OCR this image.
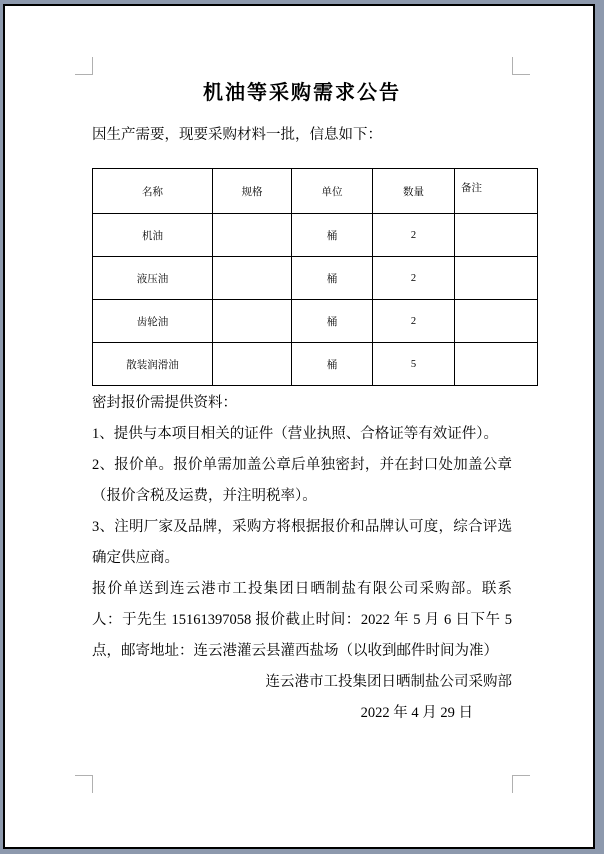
机油等采购需求公告

因生产需要，现要采购材料一批，信息如下：

名称	规格	单位	数量	备注
机油		桶	2	
液压油		桶	2	
齿轮油		桶	2	
散装润滑油		桶	5	

密封报价需提供资料：

1、提供与本项目相关的证件（营业执照、合格证等有效证件）。

2、报价单。报价单需加盖公章后单独密封，并在封口处加盖公章（报价含税及运费，并注明税率）。

3、注明厂家及品牌，采购方将根据报价和品牌认可度，综合评选确定供应商。

报价单送到连云港市工投集团日晒制盐有限公司采购部。联系人：于先生 15161397058 报价截止时间：2022 年 5 月 6 日下午 5 点，邮寄地址：连云港灌云县灌西盐场（以收到邮件时间为准）

连云港市工投集团日晒制盐公司采购部

2022 年 4 月 29 日
